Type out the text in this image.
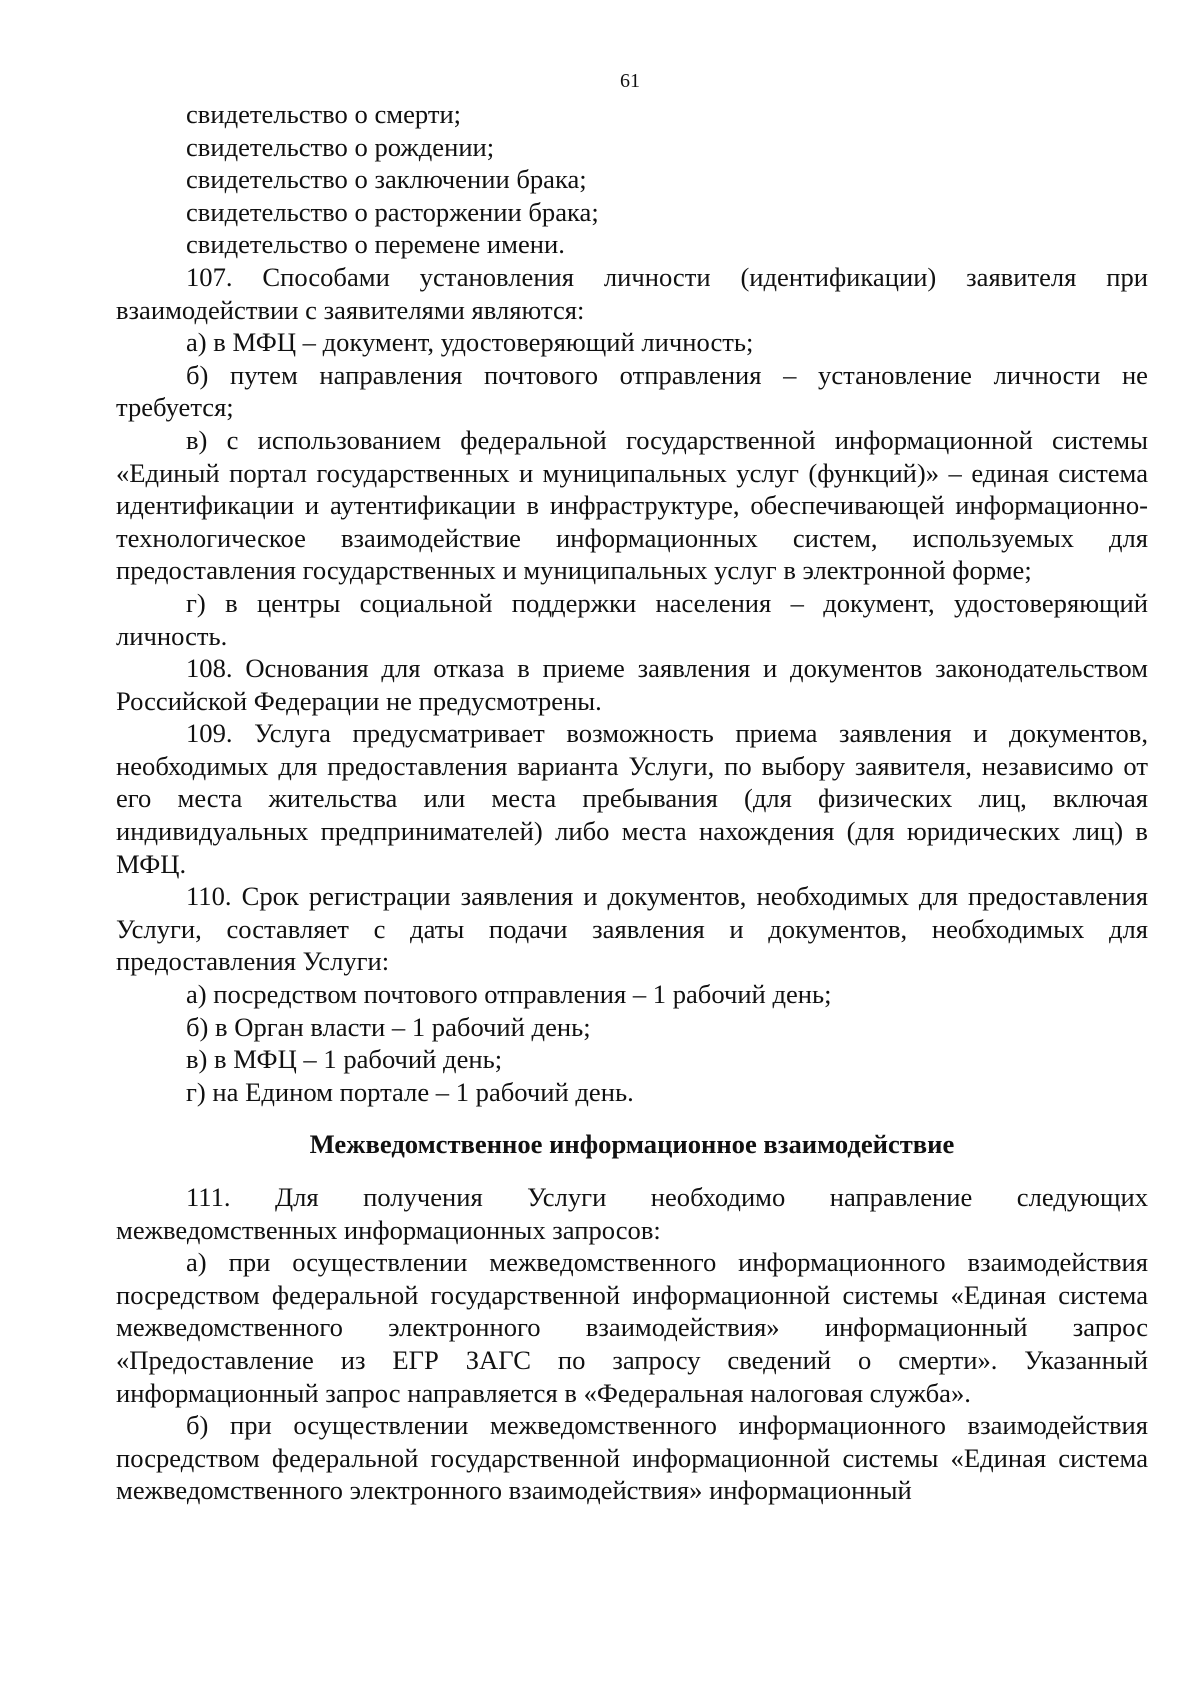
61

свидетельство о смерти;

свидетельство о рождении;

свидетельство о заключении брака;

свидетельство о расторжении брака;

свидетельство о перемене имени.

107. Способами установления личности (идентификации) заявителя при взаимодействии с заявителями являются:

а) в МФЦ – документ, удостоверяющий личность;

б) путем направления почтового отправления – установление личности не требуется;

в) с использованием федеральной государственной информационной системы «Единый портал государственных и муниципальных услуг (функций)» – единая система идентификации и аутентификации в инфраструктуре, обеспечивающей информационно-технологическое взаимодействие информационных систем, используемых для предоставления государственных и муниципальных услуг в электронной форме;

г) в центры социальной поддержки населения – документ, удостоверяющий личность.

108. Основания для отказа в приеме заявления и документов законодательством Российской Федерации не предусмотрены.

109. Услуга предусматривает возможность приема заявления и документов, необходимых для предоставления варианта Услуги, по выбору заявителя, независимо от его места жительства или места пребывания (для физических лиц, включая индивидуальных предпринимателей) либо места нахождения (для юридических лиц) в МФЦ.

110. Срок регистрации заявления и документов, необходимых для предоставления Услуги, составляет с даты подачи заявления и документов, необходимых для предоставления Услуги:

а) посредством почтового отправления – 1 рабочий день;

б) в Орган власти – 1 рабочий день;

в) в МФЦ – 1 рабочий день;

г) на Едином портале – 1 рабочий день.

Межведомственное информационное взаимодействие

111. Для получения Услуги необходимо направление следующих межведомственных информационных запросов:

а) при осуществлении межведомственного информационного взаимодействия посредством федеральной государственной информационной системы «Единая система межведомственного электронного взаимодействия» информационный запрос «Предоставление из ЕГР ЗАГС по запросу сведений о смерти». Указанный информационный запрос направляется в «Федеральная налоговая служба».

б) при осуществлении межведомственного информационного взаимодействия посредством федеральной государственной информационной системы «Единая система межведомственного электронного взаимодействия» информационный
